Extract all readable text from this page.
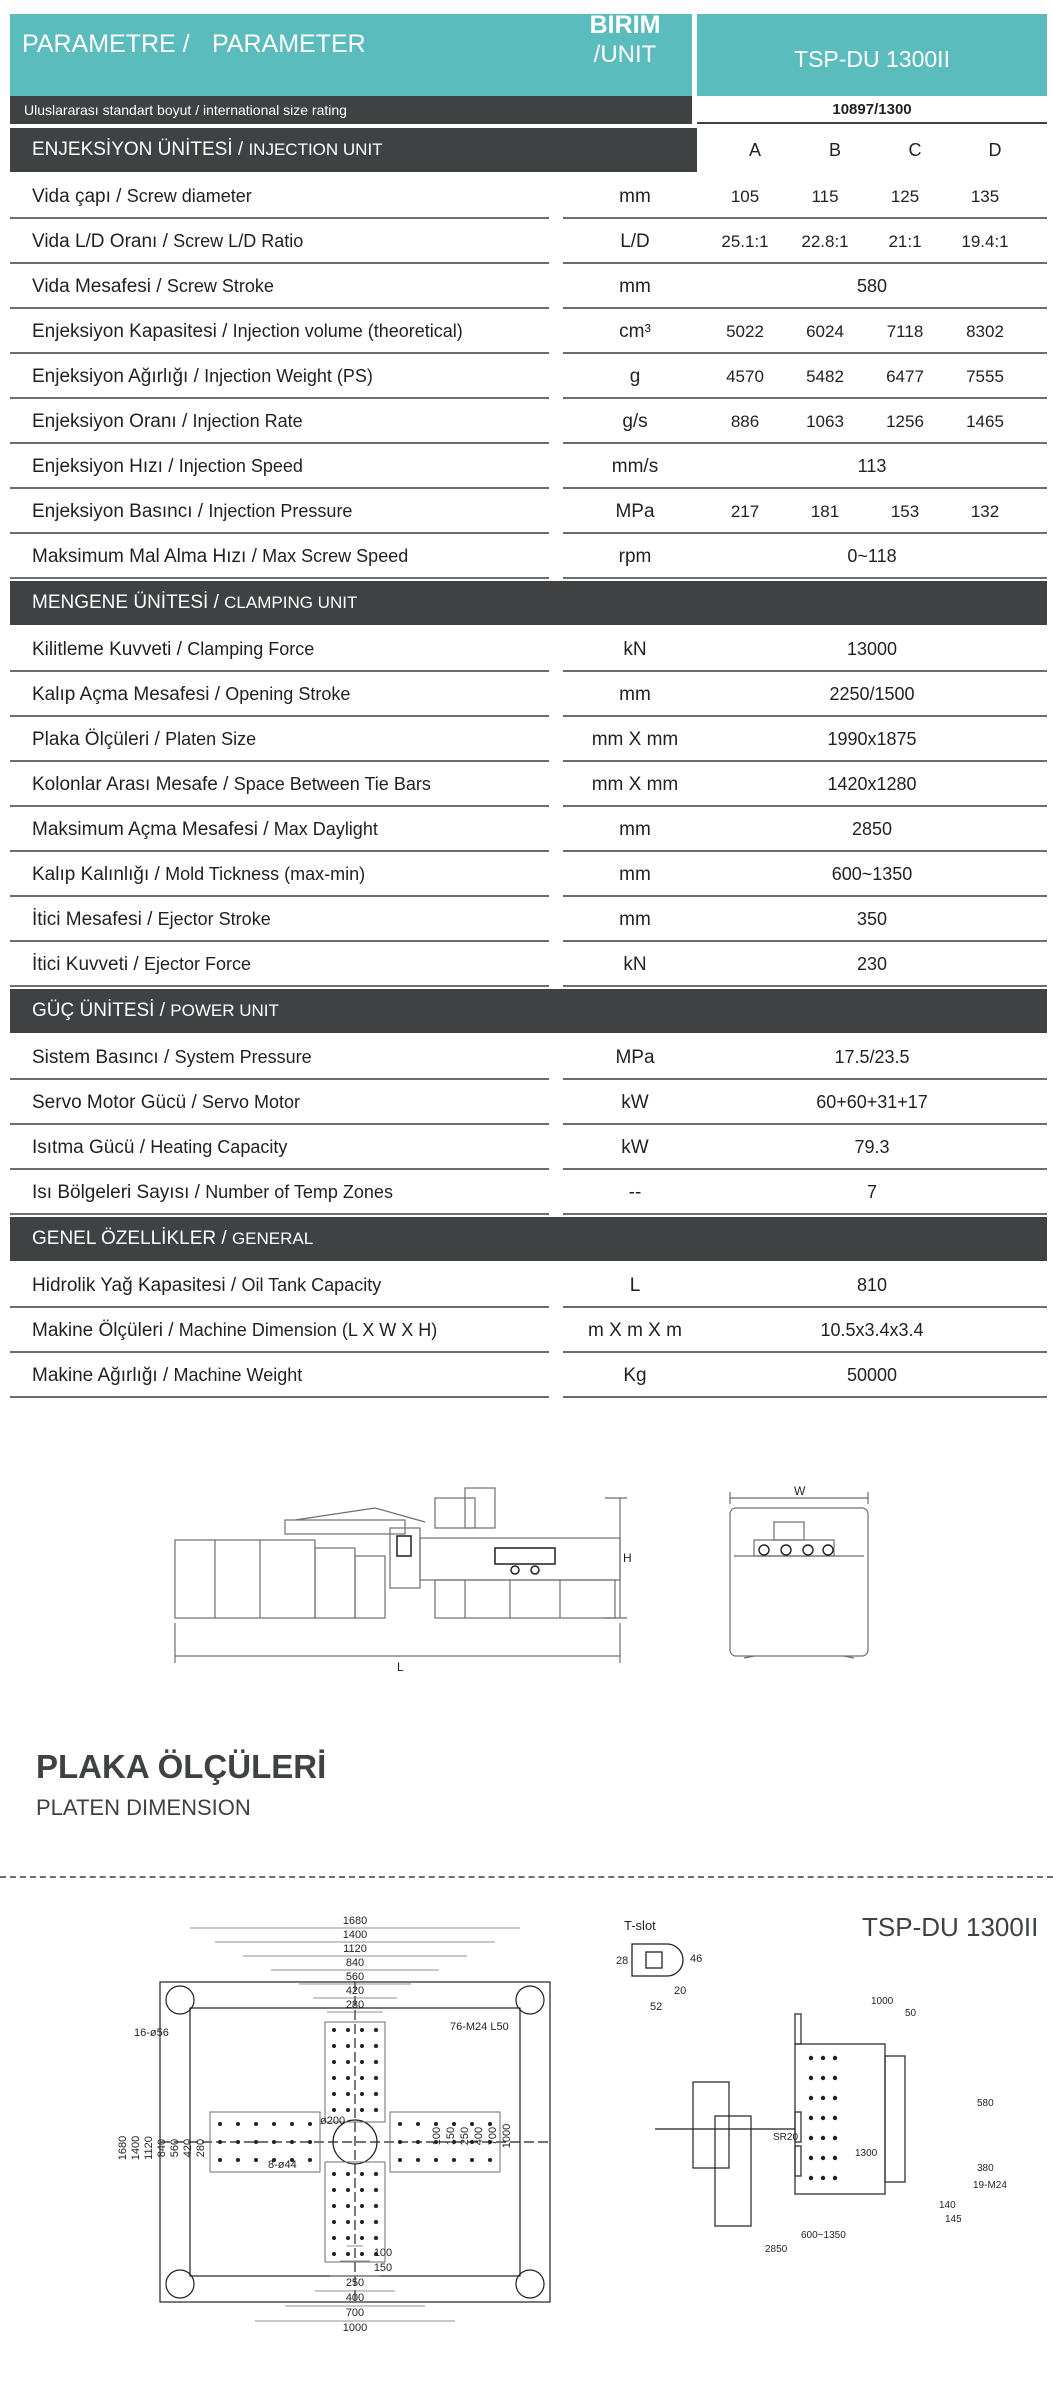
PARAMETRE / PARAMETER
BİRİM
/UNIT	TSP-DU 1300II
Uluslararası standart boyut / international size rating	10897/1300
ENJEKSİYON ÜNİTESİ / INJECTION UNIT	A	B	C	D
Vida çapı / Screw diameter	mm	105	115	125	135
Vida L/D Oranı / Screw L/D Ratio	L/D	25.1:1	22.8:1	21:1	19.4:1
Vida Mesafesi / Screw Stroke	mm	580
Enjeksiyon Kapasitesi / Injection volume (theoretical)	cm³	5022	6024	7118	8302
Enjeksiyon Ağırlığı / Injection Weight (PS)	g	4570	5482	6477	7555
Enjeksiyon Oranı / Injection Rate	g/s	886	1063	1256	1465
Enjeksiyon Hızı / Injection Speed	mm/s	113
Enjeksiyon Basıncı / Injection Pressure	MPa	217	181	153	132
Maksimum Mal Alma Hızı / Max Screw Speed	rpm	0~118
MENGENE ÜNİTESİ / CLAMPING UNIT
Kilitleme Kuvveti / Clamping Force	kN	13000
Kalıp Açma Mesafesi / Opening Stroke	mm	2250/1500
Plaka Ölçüleri / Platen Size	mm X mm	1990x1875
Kolonlar Arası Mesafe / Space Between Tie Bars	mm X mm	1420x1280
Maksimum Açma Mesafesi / Max Daylight	mm	2850
Kalıp Kalınlığı / Mold Tickness (max-min)	mm	600~1350
İtici Mesafesi / Ejector Stroke	mm	350
İtici Kuvveti / Ejector Force	kN	230
GÜÇ ÜNİTESİ / POWER UNIT
Sistem Basıncı / System Pressure	MPa	17.5/23.5
Servo Motor Gücü / Servo Motor	kW	60+60+31+17
Isıtma Gücü / Heating Capacity	kW	79.3
Isı Bölgeleri Sayısı / Number of Temp Zones	--	7
GENEL ÖZELLİKLER / GENERAL
Hidrolik Yağ Kapasitesi / Oil Tank Capacity	L	810
Makine Ölçüleri / Machine Dimension (L X W X H)	m X m X m	10.5x3.4x3.4
Makine Ağırlığı / Machine Weight	Kg	50000
L
H
W
PLAKA ÖLÇÜLERİ
PLATEN DIMENSION
TSP-DU 1300II
1680
1400
1120
840
560
420
280
100
150
250
400
700
1000
1680 1400 1120 840 560 420 280
100 150 250 400 700 1000
16-ø56	76-M24 L50
ø200
8-ø44
T-slot
28	46
20
52	1000
50
1300
580
380
140
145
600~1350
2850
SR20
19-M24
